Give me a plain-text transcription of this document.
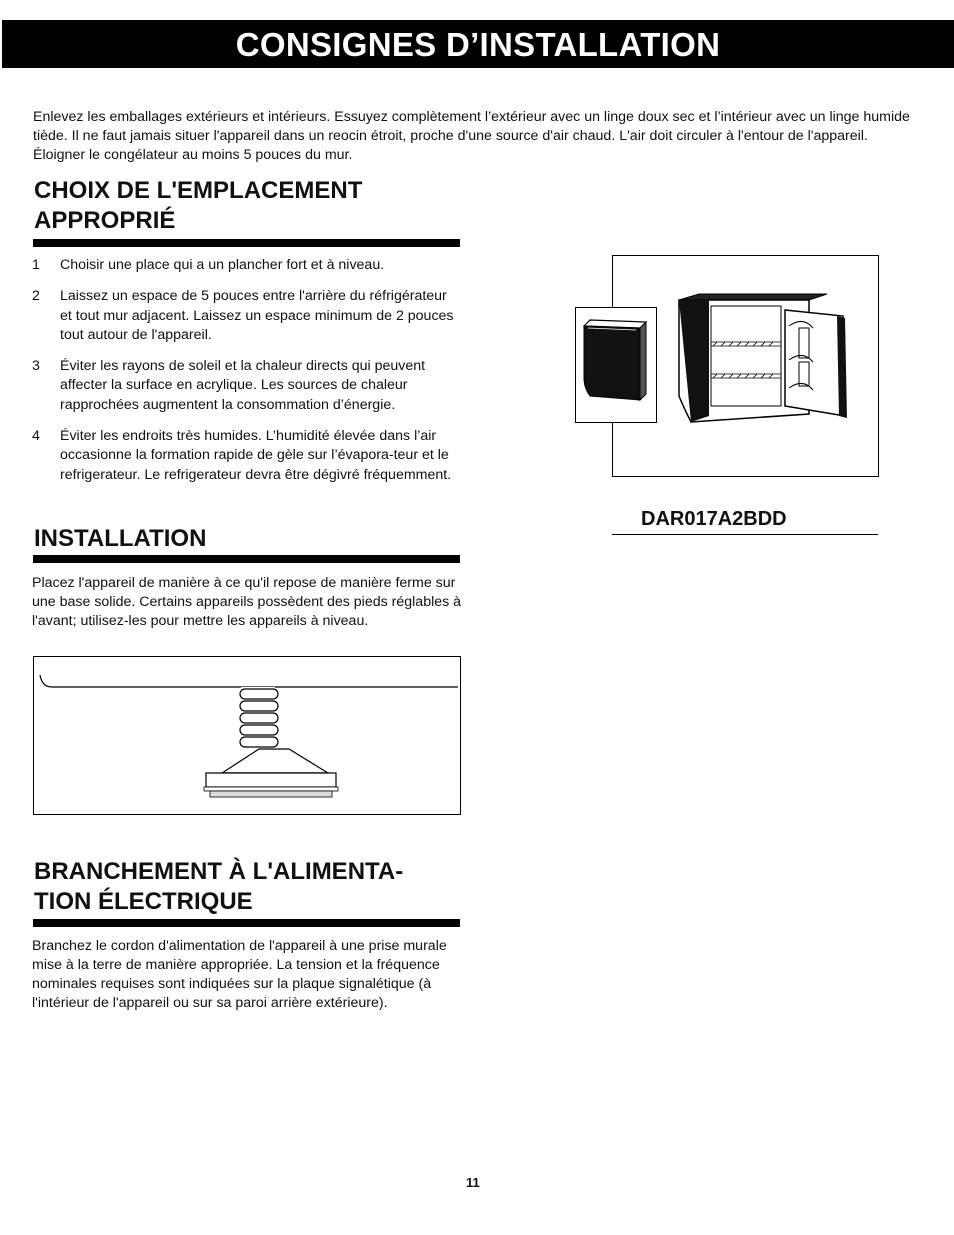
CONSIGNES D’INSTALLATION
Enlevez les emballages extérieurs et intérieurs. Essuyez complètement l’extérieur avec un linge doux sec et l’intérieur avec un linge humide tiède. Il ne faut jamais situer l'appareil dans un reocin étroit, proche d'une source d'air chaud. L'air doit circuler à l'entour de l'appareil. Éloigner le congélateur au moins 5 pouces du mur.
CHOIX DE L'EMPLACEMENT
APPROPRIÉ
1 Choisir une place qui a un plancher fort et à niveau.
2 Laissez un espace de 5 pouces entre l'arrière du réfrigérateur et tout mur adjacent. Laissez un espace minimum de 2 pouces tout autour de l'appareil.
3 Éviter les rayons de soleil et la chaleur directs qui peuvent affecter la surface en acrylique. Les sources de chaleur rapprochées augmentent la consommation d’énergie.
4 Éviter les endroits très humides. L’humidité élevée dans l’air occasionne la formation rapide de gèle sur l’évapora-teur et le refrigerateur. Le refrigerateur devra être dégivré fréquemment.
INSTALLATION
Placez l'appareil de manière à ce qu'il repose de manière ferme sur une base solide. Certains appareils possèdent des pieds réglables à l'avant; utilisez-les pour mettre les appareils à niveau.
BRANCHEMENT À L'ALIMENTA-
TION ÉLECTRIQUE
Branchez le cordon d'alimentation de l'appareil à une prise murale mise à la terre de manière appropriée. La tension et la fréquence nominales requises sont indiquées sur la plaque signalétique (à l'intérieur de l'appareil ou sur sa paroi arrière extérieure).
DAR017A2BDD
11
